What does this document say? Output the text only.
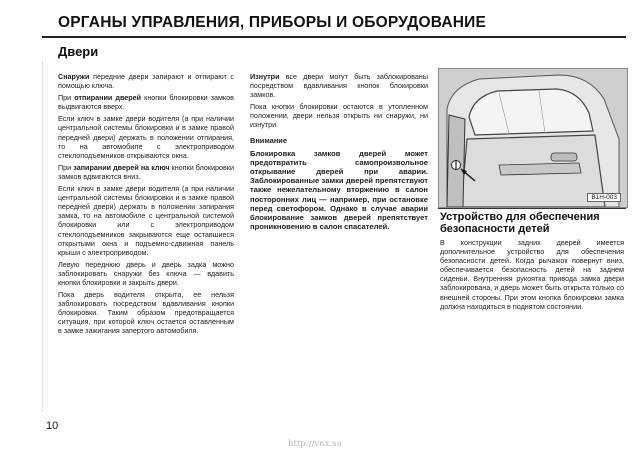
ОРГАНЫ УПРАВЛЕНИЯ, ПРИБОРЫ И ОБОРУДОВАНИЕ
Двери

Снаружи передние двери запирают и отпирают с помощью ключа.

При отпирании дверей кнопки блокировки замков выдвигаются вверх.

Если ключ в замке двери водителя (а при наличии центральной системы блокировки и в замке правой передней двери) держать в положении отпирания, то на автомобиле с электроприводом стеклоподъемников открываются окна.

При запирании дверей на ключ кнопки блокировки замков вдвигаются вниз.

Если ключ в замке двери водителя (а при наличии центральной системы блокировки и в замке правой передней двери) держать в положении запирания замка, то на автомобиле с центральной системой блокировки или с электроприводом стеклоподъемников закрываются еще оставшиеся открытыми окна и подъемно-сдвижная панель крыши с электроприводом.

Левую переднюю дверь и дверь задка можно заблокировать снаружи без ключа — вдавить кнопки блокировки и закрыть двери.

Пока дверь водителя открыта, ее нельзя заблокировать посредством вдавливания кнопки блокировки. Таким образом предотвращается ситуация, при которой ключ остается оставленным в замке зажигания запертого автомобиля.

Изнутри все двери могут быть заблокированы посредством вдавливания кнопок блокировки замков.

Пока кнопки блокировки остаются в утопленном положении, двери нельзя открыть ни снаружи, ни изнутри.

Внимание

Блокировка замков дверей может предотвратить самопроизвольное открывание дверей при аварии. Заблокированные замки дверей препятствуют также нежелательному вторжению в салон посторонних лиц — например, при остановке перед светофором. Однако в случае аварии блокирование замков дверей препятствует проникновению в салон спасателей.

B1H-003
Устройство для обеспечения безопасности детей

В конструкции задних дверей имеется дополнительное устройство для обеспечения безопасности детей. Когда рычажок повернут вниз, обеспечивается безопасность детей на заднем сиденьи. Внутренняя рукоятка привода замка двери заблокирована, и дверь может быть открыта только со внешней стороны. При этом кнопка блокировки замка должна находиться в поднятом состоянии.

10
http://vnx.su
